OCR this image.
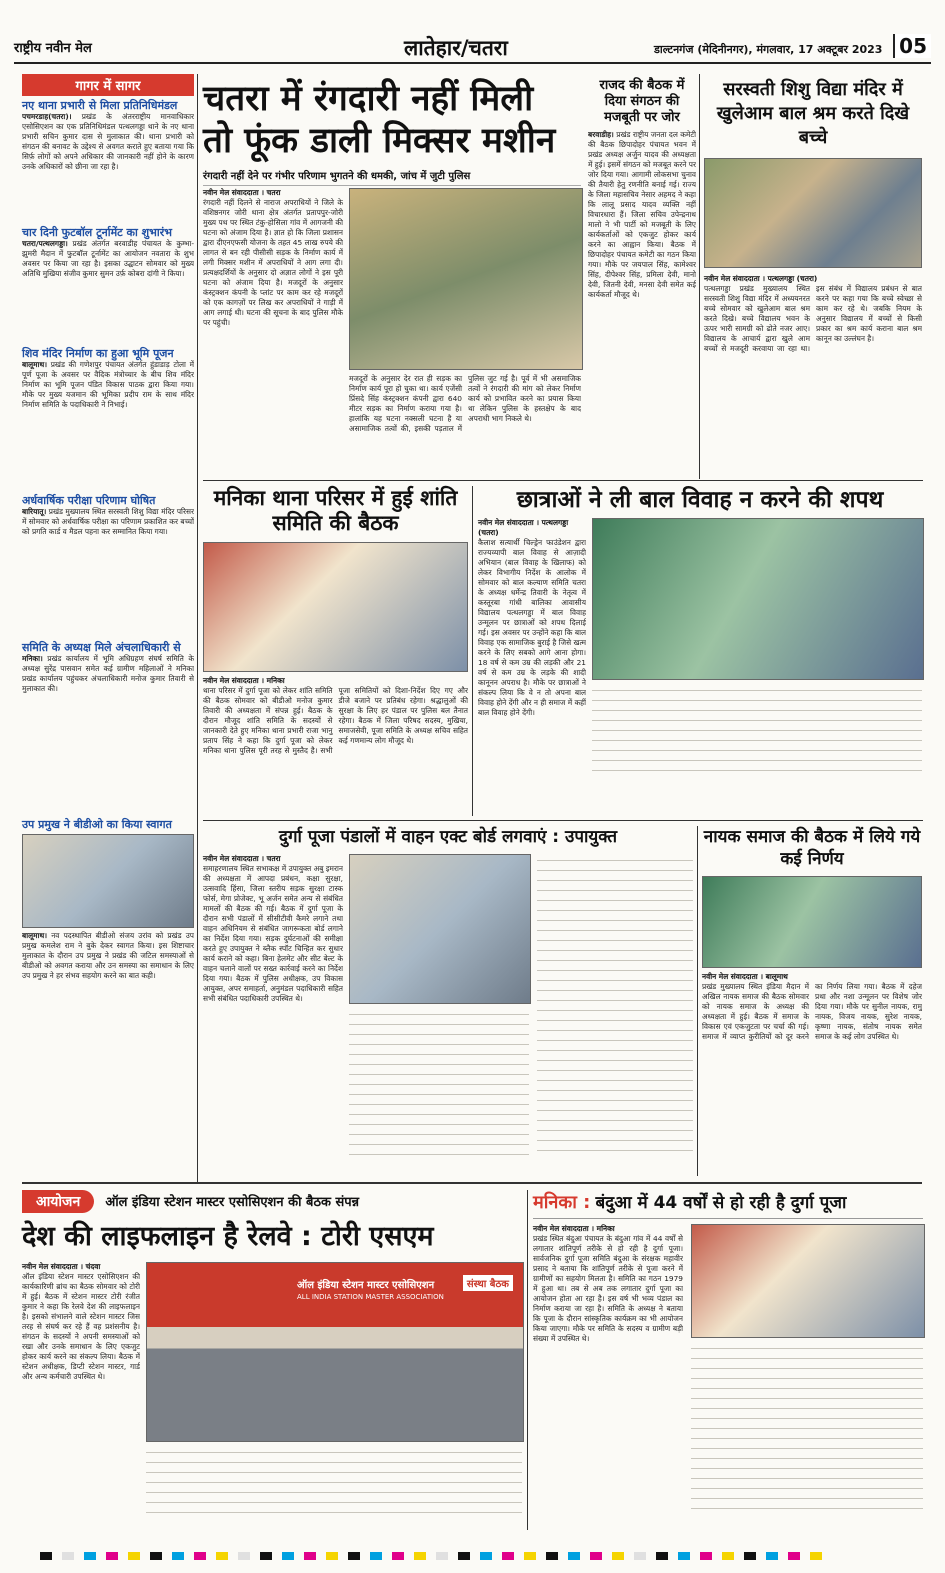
राष्ट्रीय नवीन मेल	लातेहार/चतरा	डाल्टनगंज (मेदिनीनगर), मंगलवार, 17 अक्टूबर 2023 05
गागर में सागर
नए थाना प्रभारी से मिला प्रतिनिधिमंडल
पचमरडाह(चतरा)। प्रखंड के अंतरराष्ट्रीय मानवाधिकार एसोसिएशन का एक प्रतिनिधिमंडल पत्थलगड्डा थाने के नए थाना प्रभारी सचिन कुमार दास से मुलाकात की। थाना प्रभारी को संगठन की बनावट के उद्देश्य से अवगत कराते हुए बताया गया कि सिर्फ़ लोगों को अपने अधिकार की जानकारी नहीं होने के कारण उनके अधिकारों को छीना जा रहा है।
चार दिनी फुटबॉल टूर्नामेंट का शुभारंभ
चतरा/पत्थलगड्डा। प्रखंड अंतर्गत बरवाडीह पंचायत के कुम्भा-झुमरी मैदान में फुटबॉल टूर्नामेंट का आयोजन नवतारा के शुभ अवसर पर किया जा रहा है। इसका उद्घाटन सोमवार को मुख्य अतिथि मुखिया संजीव कुमार सुमन उर्फ़ कोबरा दांगी ने किया।
शिव मंदिर निर्माण का हुआ भूमि पूजन
बालूमाथ। प्रखंड की गणेशपुर पंचायत अंतर्गत हुंडाडाड़ टोला में पूर्ण पूजा के अवसर पर वैदिक मंत्रोच्चार के बीच शिव मंदिर निर्माण का भूमि पूजन पंडित विकास पाठक द्वारा किया गया। मौके पर मुख्य यजमान की भूमिका प्रदीप राम के साथ मंदिर निर्माण समिति के पदाधिकारी ने निभाई।
अर्धवार्षिक परीक्षा परिणाम घोषित
बारियातू। प्रखंड मुख्यालय स्थित सरस्वती शिशु विद्या मंदिर परिसर में सोमवार को अर्धवार्षिक परीक्षा का परिणाम प्रकाशित कर बच्चों को प्रगति कार्ड व मैडल पहना कर सम्मानित किया गया।
समिति के अध्यक्ष मिले अंचलाधिकारी से
मनिका। प्रखंड कार्यालय में भूमि अधिग्रहण संघर्ष समिति के अध्यक्ष सुरेंद्र पासवान समेत कई ग्रामीण महिलाओं ने मनिका प्रखंड कार्यालय पहुंचकर अंचलाधिकारी मनोज कुमार तिवारी से मुलाकात की।
उप प्रमुख ने बीडीओ का किया स्वागत
बालूमाथ। नव पदस्थापित बीडीओ संजय उरांव को प्रखंड उप प्रमुख कमलेश राम ने बुके देकर स्वागत किया। इस शिष्टाचार मुलाकात के दौरान उप प्रमुख ने प्रखंड की जटिल समस्याओं से बीडीओ को अवगत कराया और उन समस्या का समाधान के लिए उप प्रमुख ने हर संभव सहयोग करने का बात कही।
चतरा में रंगदारी नहीं मिली
तो फूंक डाली मिक्सर मशीन
रंगदारी नहीं देने पर गंभीर परिणाम भुगतने की धमकी, जांच में जुटी पुलिस
नवीन मेल संवाददाता । चतरा
रंगदारी नहीं दिलने से नाराज अपराधियों ने जिले के वशिष्ठनगर जोरी थाना क्षेत्र अंतर्गत प्रतापपुर-जोरी मुख्य पथ पर स्थित टंकु-होसिला गांव में आगजनी की घटना को अंजाम दिया है। ज्ञात हो कि जिला प्रशासन द्वारा दीएनएफसी योजना के तहत 45 लाख रुपये की लागत से बन रही पीसीसी सड़क के निर्माण कार्य में लगी मिक्सर मशीन में अपराधियों ने आग लगा दी। प्रत्यक्षदर्शियों के अनुसार दो अज्ञात लोगों ने इस पूरी घटना को अंजाम दिया है। मजदूरों के अनुसार कंस्ट्रक्शन कंपनी के प्लांट पर काम कर रहे मजदूरों को एक कागज़ों पर लिख कर अपराधियों ने गाड़ी में आग लगाई थी। घटना की सूचना के बाद पुलिस मौके पर पहुंची।
मजदूरों के अनुसार देर रात ही सड़क का निर्माण कार्य पूरा हो चुका था। कार्य एजेंसी प्रिंसदे सिंह कंस्ट्रक्शन कंपनी द्वारा 640 मीटर सड़क का निर्माण कराया गया है। हालांकि यह घटना नक्सली घटना है या असामाजिक तत्वों की, इसकी पड़ताल में पुलिस जुट गई है। पूर्व में भी असमाजिक तत्वों ने रंगदारी की मांग को लेकर निर्माण कार्य को प्रभावित करने का प्रयास किया था लेकिन पुलिस के हस्तक्षेप के बाद अपराधी भाग निकले थे।
राजद की बैठक में दिया संगठन की मजबूती पर जोर
बरवाडीह। प्रखंड राष्ट्रीय जनता दल कमेटी की बैठक छिपादोहर पंचायत भवन में प्रखंड अध्यक्ष अर्जुन यादव की अध्यक्षता में हुई। इसमें संगठन को मजबूत करने पर जोर दिया गया। आगामी लोकसभा चुनाव की तैयारी हेतु रणनीति बनाई गई। राज्य के जिला महासचिव नेसार अहमद ने कहा कि लालू प्रसाद यादव व्यक्ति नहीं विचारधारा हैं। जिला सचिव उपेन्द्रनाथ मालो ने भी पार्टी को मजबूती के लिए कार्यकर्ताओं को एकजुट होकर कार्य करने का आह्वान किया। बैठक में छिपादोहर पंचायत कमेटी का गठन किया गया। मौके पर जयपाल सिंह, कामेश्वर सिंह, दीपेश्वर सिंह, प्रमिला देवी, मानो देवी, जितनी देवी, मनसा देवी समेत कई कार्यकर्ता मौजूद थे।
सरस्वती शिशु विद्या मंदिर में खुलेआम बाल श्रम करते दिखे बच्चे
नवीन मेल संवाददाता । पत्थलगड्डा (चतरा)
पत्थलगड्डा प्रखंड मुख्यालय स्थित सरस्वती शिशु विद्या मंदिर में अध्ययनरत बच्चे सोमवार को खुलेआम बाल श्रम करते दिखे। बच्चे विद्यालय भवन के ऊपर भारी सामग्री को ढोते नजर आए। विद्यालय के आचार्य द्वारा खुले आम बच्चों से मजदूरी करवाया जा रहा था। इस संबंध में विद्यालय प्रबंधन से बात करने पर कहा गया कि बच्चे स्वेच्छा से काम कर रहे थे। जबकि नियम के अनुसार विद्यालय में बच्चों से किसी प्रकार का श्रम कार्य कराना बाल श्रम कानून का उल्लंघन है।
मनिका थाना परिसर में हुई शांति समिति की बैठक
नवीन मेल संवाददाता । मनिका
थाना परिसर में दुर्गा पूजा को लेकर शांति समिति की बैठक सोमवार को बीडीओ मनोज कुमार तिवारी की अध्यक्षता में संपन्न हुई। बैठक के दौरान मौजूद शांति समिति के सदस्यों से जानकारी देते हुए मनिका थाना प्रभारी राजा भानु प्रताप सिंह ने कहा कि दुर्गा पूजा को लेकर मनिका थाना पुलिस पूरी तरह से मुस्तैद है। सभी पूजा समितियों को दिशा-निर्देश दिए गए और डीजे बजाने पर प्रतिबंध रहेगा। श्रद्धालुओं की सुरक्षा के लिए हर पंडाल पर पुलिस बल तैनात रहेगा। बैठक में जिला परिषद सदस्य, मुखिया, समाजसेवी, पूजा समिति के अध्यक्ष सचिव सहित कई गणमान्य लोग मौजूद थे।
छात्राओं ने ली बाल विवाह न करने की शपथ
नवीन मेल संवाददाता । पत्थलगड्डा (चतरा)
कैलाश सत्यार्थी चिल्ड्रेन फाउंडेशन द्वारा राज्यव्यापी बाल विवाह से आज़ादी अभियान (बाल विवाह के खिलाफ) को लेकर विभागीय निर्देश के आलोक में सोमवार को बाल कल्याण समिति चतरा के अध्यक्ष धर्मेन्द्र तिवारी के नेतृत्व में कस्तूरबा गांधी बालिका आवासीय विद्यालय पत्थलगड्डा में बाल विवाह उन्मूलन पर छात्राओं को शपथ दिलाई गई। इस अवसर पर उन्होंने कहा कि बाल विवाह एक सामाजिक बुराई है जिसे खत्म करने के लिए सबको आगे आना होगा। 18 वर्ष से कम उम्र की लड़की और 21 वर्ष से कम उम्र के लड़के की शादी कानूनन अपराध है। मौके पर छात्राओं ने संकल्प लिया कि वे न तो अपना बाल विवाह होने देंगी और न ही समाज में कहीं बाल विवाह होने देंगी।
दुर्गा पूजा पंडालों में वाहन एक्ट बोर्ड लगवाएं : उपायुक्त
नवीन मेल संवाददाता । चतरा
समाहरणालय स्थित सभाकक्ष में उपायुक्त अबु इमरान की अध्यक्षता में आपदा प्रबंधन, कक्षा सुरक्षा, उत्सवादि हिंसा, जिला स्तरीय सड़क सुरक्षा टास्क फोर्स, मेगा प्रोजेक्ट, भू अर्जन समेत अन्य से संबंधित मामलों की बैठक की गई। बैठक में दुर्गा पूजा के दौरान सभी पंडालों में सीसीटीवी कैमरे लगाने तथा वाहन अधिनियम से संबंधित जागरूकता बोर्ड लगाने का निर्देश दिया गया। सड़क दुर्घटनाओं की समीक्षा करते हुए उपायुक्त ने ब्लैक स्पॉट चिन्हित कर सुधार कार्य कराने को कहा। बिना हेलमेट और सीट बेल्ट के वाहन चलाने वालों पर सख्त कार्रवाई करने का निर्देश दिया गया। बैठक में पुलिस अधीक्षक, उप विकास आयुक्त, अपर समाहर्ता, अनुमंडल पदाधिकारी सहित सभी संबंधित पदाधिकारी उपस्थित थे।
नायक समाज की बैठक में लिये गये कई निर्णय
नवीन मेल संवाददाता । बालूमाथ
प्रखंड मुख्यालय स्थित इंडिया मैदान में अखिल नायक समाज की बैठक सोमवार को नायक समाज के अध्यक्ष की अध्यक्षता में हुई। बैठक में समाज के विकास एवं एकजुटता पर चर्चा की गई। समाज में व्याप्त कुरीतियों को दूर करने का निर्णय लिया गया। बैठक में दहेज प्रथा और नशा उन्मूलन पर विशेष जोर दिया गया। मौके पर सुनील नायक, रामु नायक, विजय नायक, सुरेश नायक, कृष्णा नायक, संतोष नायक समेत समाज के कई लोग उपस्थित थे।
आयोजन ऑल इंडिया स्टेशन मास्टर एसोसिएशन की बैठक संपन्न
देश की लाइफलाइन है रेलवे : टोरी एसएम
नवीन मेल संवाददाता । चंदवा
ऑल इंडिया स्टेशन मास्टर एसोसिएशन की कार्यकारिणी ब्रांच का बैठक सोमवार को टोरी में हुई। बैठक में स्टेशन मास्टर टोरी रंजीत कुमार ने कहा कि रेलवे देश की लाइफलाइन है। इसको संभालने वाले स्टेशन मास्टर जिस तरह से संघर्ष कर रहे हैं वह प्रशंसनीय है। संगठन के सदस्यों ने अपनी समस्याओं को रखा और उनके समाधान के लिए एकजुट होकर कार्य करने का संकल्प लिया। बैठक में स्टेशन अधीक्षक, डिप्टी स्टेशन मास्टर, गार्ड और अन्य कर्मचारी उपस्थित थे।
ऑल इंडिया स्टेशन मास्टर एसोसिएशन
ALL INDIA STATION MASTER ASSOCIATION
संस्था बैठक
मनिका : बंदुआ में 44 वर्षों से हो रही है दुर्गा पूजा
नवीन मेल संवाददाता । मनिका
प्रखंड स्थित बंदुआ पंचायत के बंदुआ गांव में 44 वर्षों से लगातार शांतिपूर्ण तरीके से हो रही है दुर्गा पूजा। सार्वजनिक दुर्गा पूजा समिति बंदुआ के संरक्षक महावीर प्रसाद ने बताया कि शांतिपूर्ण तरीके से पूजा करने में ग्रामीणों का सहयोग मिलता है। समिति का गठन 1979 में हुआ था। तब से अब तक लगातार दुर्गा पूजा का आयोजन होता आ रहा है। इस वर्ष भी भव्य पंडाल का निर्माण कराया जा रहा है। समिति के अध्यक्ष ने बताया कि पूजा के दौरान सांस्कृतिक कार्यक्रम का भी आयोजन किया जाएगा। मौके पर समिति के सदस्य व ग्रामीण बड़ी संख्या में उपस्थित थे।
